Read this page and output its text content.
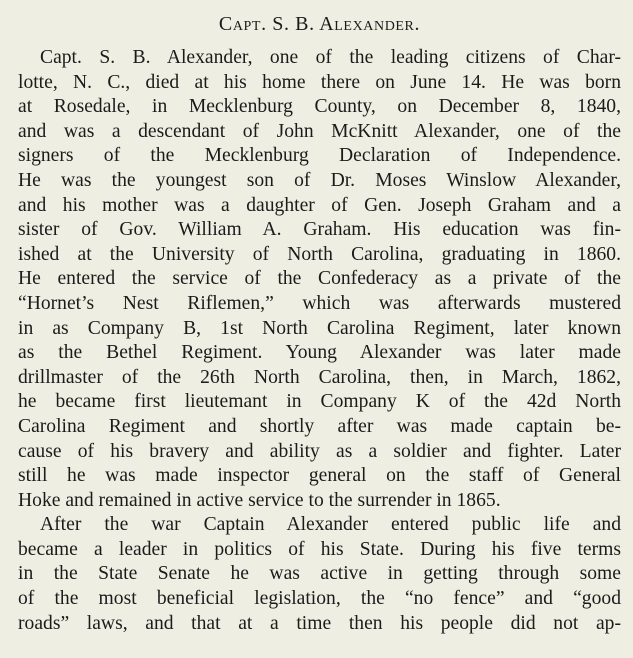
Capt. S. B. Alexander.
Capt. S. B. Alexander, one of the leading citizens of Char-
lotte, N. C., died at his home there on June 14. He was born
at Rosedale, in Mecklenburg County, on December 8, 1840,
and was a descendant of John McKnitt Alexander, one of the
signers of the Mecklenburg Declaration of Independence.
He was the youngest son of Dr. Moses Winslow Alexander,
and his mother was a daughter of Gen. Joseph Graham and a
sister of Gov. William A. Graham. His education was fin-
ished at the University of North Carolina, graduating in 1860.
He entered the service of the Confederacy as a private of the
“Hornet’s Nest Riflemen,” which was afterwards mustered
in as Company B, 1st North Carolina Regiment, later known
as the Bethel Regiment. Young Alexander was later made
drillmaster of the 26th North Carolina, then, in March, 1862,
he became first lieutemant in Company K of the 42d North
Carolina Regiment and shortly after was made captain be-
cause of his bravery and ability as a soldier and fighter. Later
still he was made inspector general on the staff of General
Hoke and remained in active service to the surrender in 1865.
After the war Captain Alexander entered public life and
became a leader in politics of his State. During his five terms
in the State Senate he was active in getting through some
of the most beneficial legislation, the “no fence” and “good
roads” laws, and that at a time then his people did not ap-
